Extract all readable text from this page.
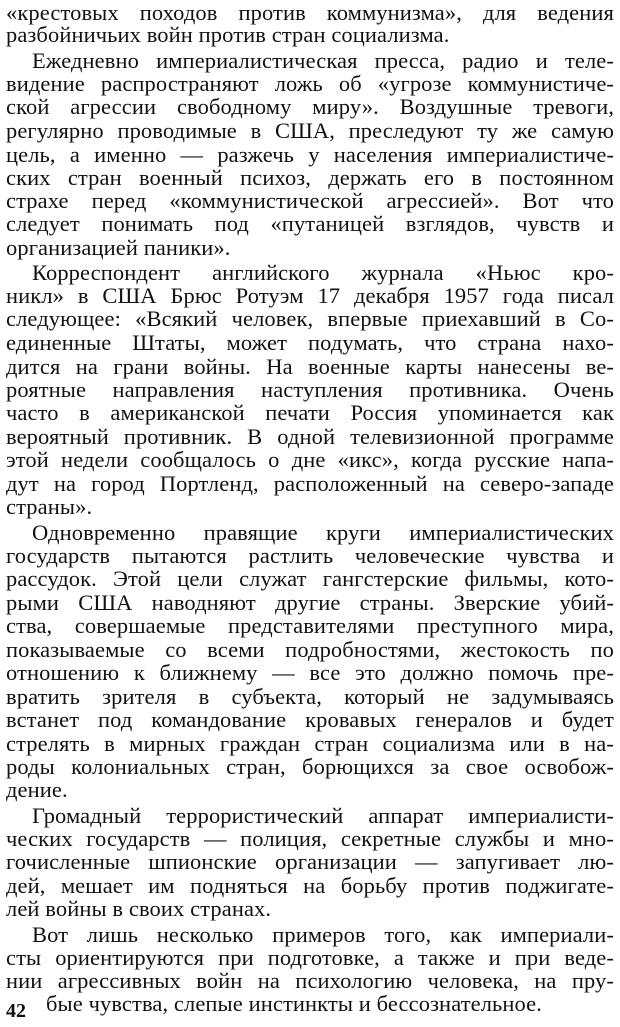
«крестовых походов против коммунизма», для ведения
разбойничьих войн против стран социализма.
Ежедневно империалистическая пресса, радио и теле-
видение распространяют ложь об «угрозе коммунистиче-
ской агрессии свободному миру». Воздушные тревоги,
регулярно проводимые в США, преследуют ту же самую
цель, а именно — разжечь у населения империалистиче-
ских стран военный психоз, держать его в постоянном
страхе перед «коммунистической агрессией». Вот что
следует понимать под «путаницей взглядов, чувств и
организацией паники».
Корреспондент английского журнала «Ньюс кро-
никл» в США Брюс Ротуэм 17 декабря 1957 года писал
следующее: «Всякий человек, впервые приехавший в Со-
единенные Штаты, может подумать, что страна нахо-
дится на грани войны. На военные карты нанесены ве-
роятные направления наступления противника. Очень
часто в американской печати Россия упоминается как
вероятный противник. В одной телевизионной программе
этой недели сообщалось о дне «икс», когда русские напа-
дут на город Портленд, расположенный на северо-западе
страны».
Одновременно правящие круги империалистических
государств пытаются растлить человеческие чувства и
рассудок. Этой цели служат гангстерские фильмы, кото-
рыми США наводняют другие страны. Зверские убий-
ства, совершаемые представителями преступного мира,
показываемые со всеми подробностями, жестокость по
отношению к ближнему — все это должно помочь пре-
вратить зрителя в субъекта, который не задумываясь
встанет под командование кровавых генералов и будет
стрелять в мирных граждан стран социализма или в на-
роды колониальных стран, борющихся за свое освобож-
дение.
Громадный террористический аппарат империалисти-
ческих государств — полиция, секретные службы и мно-
гочисленные шпионские организации — запугивает лю-
дей, мешает им подняться на борьбу против поджигате-
лей войны в своих странах.
Вот лишь несколько примеров того, как империали-
сты ориентируются при подготовке, а также и при веде-
нии агрессивных войн на психологию человека, на пру-
бые чувства, слепые инстинкты и бессознательное.
42
